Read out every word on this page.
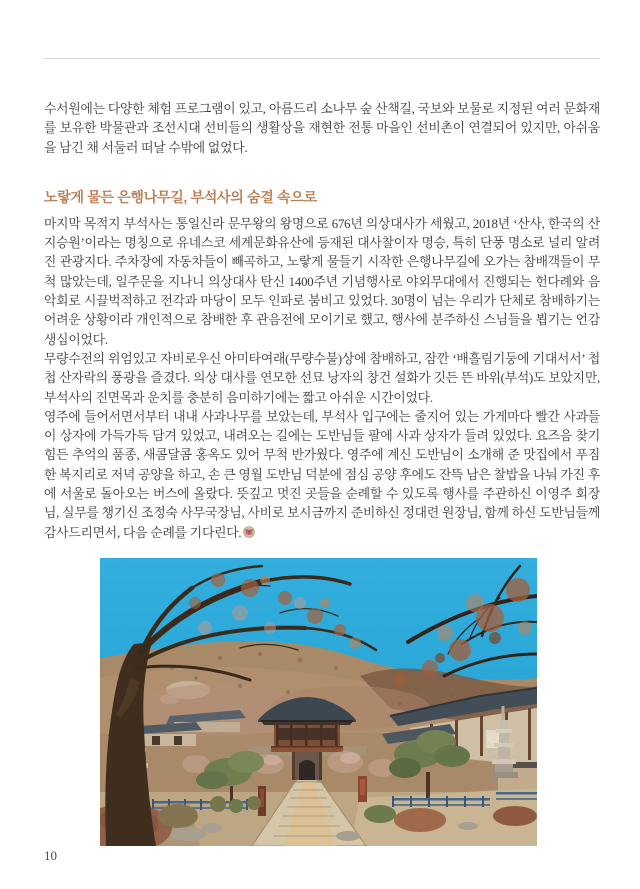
수서원에는 다양한 체험 프로그램이 있고, 아름드리 소나무 숲 산책길, 국보와 보물로 지정된 여러 문화재를 보유한 박물관과 조선시대 선비들의 생활상을 재현한 전통 마을인 선비촌이 연결되어 있지만, 아쉬움을 남긴 채 서둘러 떠날 수밖에 없었다.

노랗게 물든 은행나무길, 부석사의 숨결 속으로

마지막 목적지 부석사는 통일신라 문무왕의 왕명으로 676년 의상대사가 세웠고, 2018년 ‘산사, 한국의 산지승원’이라는 명칭으로 유네스코 세계문화유산에 등재된 대사찰이자 명승, 특히 단풍 명소로 널리 알려진 관광지다. 주차장에 자동차들이 빼곡하고, 노랗게 물들기 시작한 은행나무길에 오가는 참배객들이 무척 많았는데, 일주문을 지나니 의상대사 탄신 1400주년 기념행사로 야외무대에서 진행되는 헌다례와 음악회로 시끌벅적하고 전각과 마당이 모두 인파로 붐비고 있었다. 30명이 넘는 우리가 단체로 참배하기는 어려운 상황이라 개인적으로 참배한 후 관음전에 모이기로 했고, 행사에 분주하신 스님들을 뵙기는 언감생심이었다.

무량수전의 위엄있고 자비로우신 아미타여래(무량수불)상에 참배하고, 잠깐 ‘배흘림기둥에 기대서서’ 첩첩 산자락의 풍광을 즐겼다. 의상 대사를 연모한 선묘 낭자의 창건 설화가 깃든 뜬 바위(부석)도 보았지만, 부석사의 진면목과 운치를 충분히 음미하기에는 짧고 아쉬운 시간이었다.

영주에 들어서면서부터 내내 사과나무를 보았는데, 부석사 입구에는 줄지어 있는 가게마다 빨간 사과들이 상자에 가득가득 담겨 있었고, 내려오는 길에는 도반님들 팔에 사과 상자가 들려 있었다. 요즈음 찾기 힘든 추억의 품종, 새콤달콤 홍옥도 있어 무척 반가웠다. 영주에 계신 도반님이 소개해 준 맛집에서 푸짐한 복지리로 저녁 공양을 하고, 손 큰 영월 도반님 덕분에 점심 공양 후에도 잔뜩 남은 찰밥을 나눠 가진 후에 서울로 돌아오는 버스에 올랐다. 뜻깊고 멋진 곳들을 순례할 수 있도록 행사를 주관하신 이영주 회장님, 실무를 챙기신 조정숙 사무국장님, 사비로 보시금까지 준비하신 정대련 원장님, 함께 하신 도반님들께 감사드리면서, 다음 순례를 기다린다.

10
